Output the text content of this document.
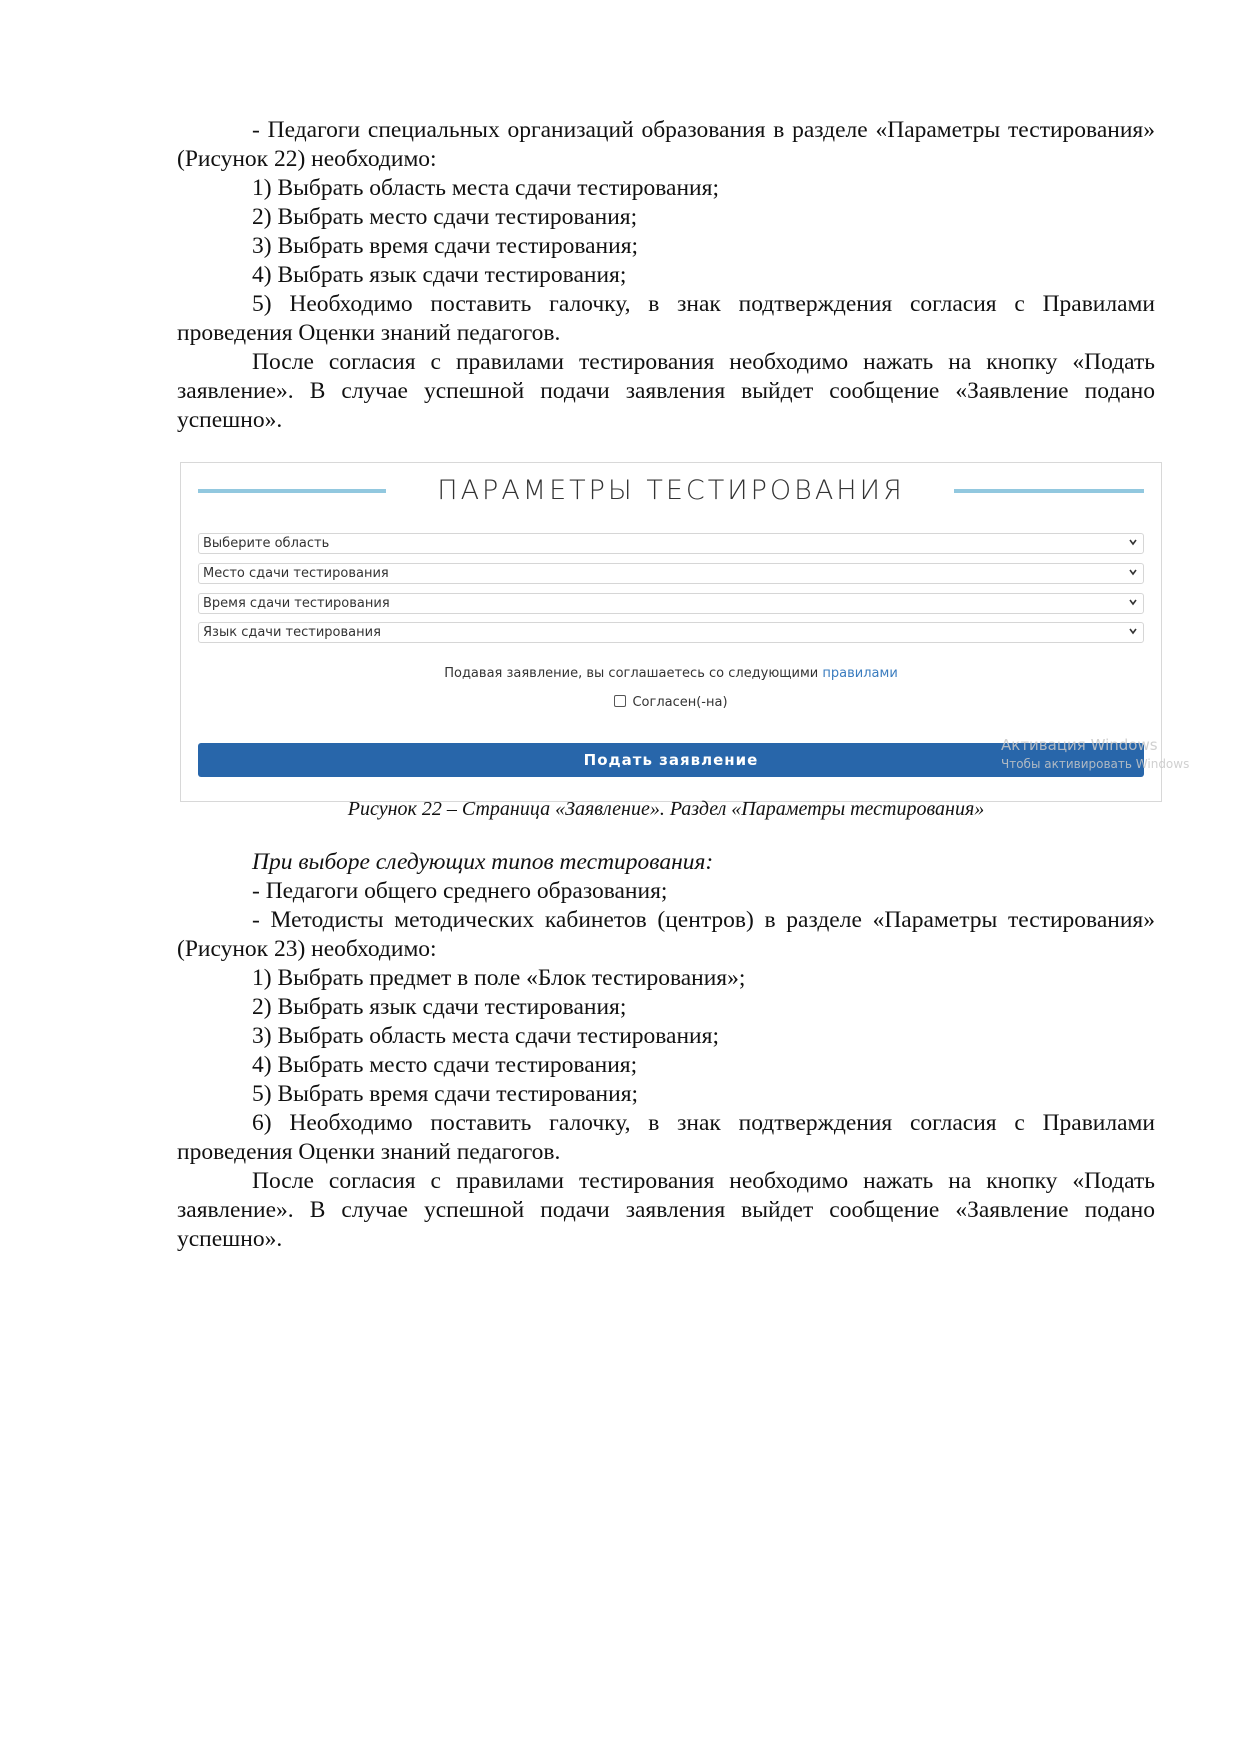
- Педагоги специальных организаций образования в разделе «Параметры тестирования» (Рисунок 22) необходимо:

1) Выбрать область места сдачи тестирования;

2) Выбрать место сдачи тестирования;

3) Выбрать время сдачи тестирования;

4) Выбрать язык сдачи тестирования;

5) Необходимо поставить галочку, в знак подтверждения согласия с Правилами проведения Оценки знаний педагогов.

После согласия с правилами тестирования необходимо нажать на кнопку «Подать заявление». В случае успешной подачи заявления выйдет сообщение «Заявление подано успешно».

ПАРАМЕТРЫ ТЕСТИРОВАНИЯ
Выберите область
Место сдачи тестирования
Время сдачи тестирования
Язык сдачи тестирования
Подавая заявление, вы соглашаетесь со следующими правилами
Согласен(-на)
Подать заявление
Активация Windows
Чтобы активировать Windows
Рисунок 22 – Страница «Заявление». Раздел «Параметры тестирования»

При выборе следующих типов тестирования:

- Педагоги общего среднего образования;

- Методисты методических кабинетов (центров) в разделе «Параметры тестирования» (Рисунок 23) необходимо:

1) Выбрать предмет в поле «Блок тестирования»;

2) Выбрать язык сдачи тестирования;

3) Выбрать область места сдачи тестирования;

4) Выбрать место сдачи тестирования;

5) Выбрать время сдачи тестирования;

6) Необходимо поставить галочку, в знак подтверждения согласия с Правилами проведения Оценки знаний педагогов.

После согласия с правилами тестирования необходимо нажать на кнопку «Подать заявление». В случае успешной подачи заявления выйдет сообщение «Заявление подано успешно».
